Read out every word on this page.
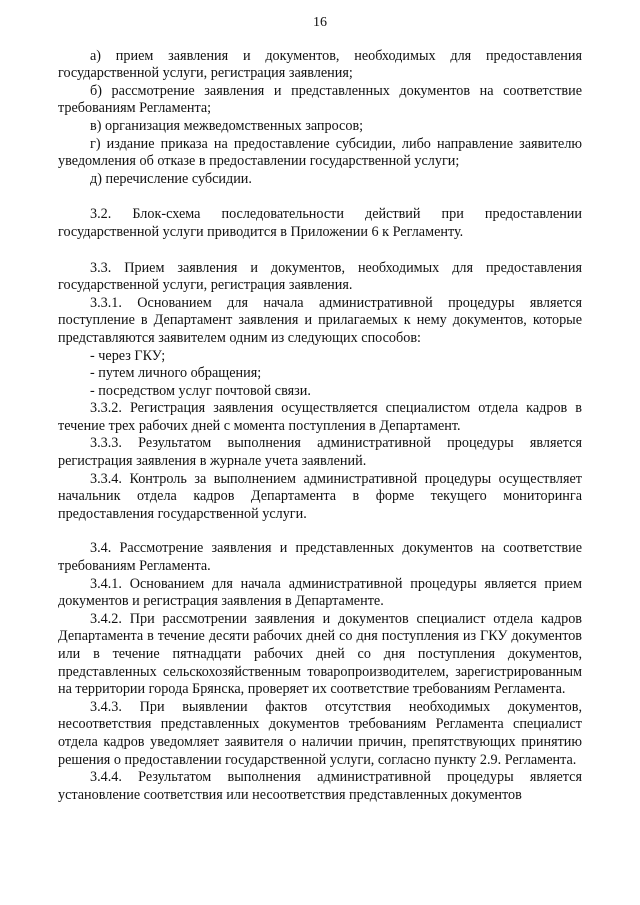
16

а) прием заявления и документов, необходимых для предоставления государственной услуги, регистрация заявления;

б) рассмотрение заявления и представленных документов на соответствие требованиям Регламента;

в) организация межведомственных запросов;

г) издание приказа на предоставление субсидии, либо направление заявителю уведомления об отказе в предоставлении государственной услуги;

д) перечисление субсидии.

3.2. Блок-схема последовательности действий при предоставлении государственной услуги приводится в Приложении 6 к Регламенту.

3.3. Прием заявления и документов, необходимых для предоставления государственной услуги, регистрация заявления.

3.3.1. Основанием для начала административной процедуры является поступление в Департамент заявления и прилагаемых к нему документов, которые представляются заявителем одним из следующих способов:

- через ГКУ;

- путем личного обращения;

- посредством услуг почтовой связи.

3.3.2. Регистрация заявления осуществляется специалистом отдела кадров в течение трех рабочих дней с момента поступления в Департамент.

3.3.3. Результатом выполнения административной процедуры является регистрация заявления в журнале учета заявлений.

3.3.4. Контроль за выполнением административной процедуры осуществляет начальник отдела кадров Департамента в форме текущего мониторинга предоставления государственной услуги.

3.4. Рассмотрение заявления и представленных документов на соответствие требованиям Регламента.

3.4.1. Основанием для начала административной процедуры является прием документов и регистрация заявления в Департаменте.

3.4.2. При рассмотрении заявления и документов специалист отдела кадров Департамента в течение десяти рабочих дней со дня поступления из ГКУ документов или в течение пятнадцати рабочих дней со дня поступления документов, представленных сельскохозяйственным товаропроизводителем, зарегистрированным на территории города Брянска, проверяет их соответствие требованиям Регламента.

3.4.3. При выявлении фактов отсутствия необходимых документов, несоответствия представленных документов требованиям Регламента специалист отдела кадров уведомляет заявителя о наличии причин, препятствующих принятию решения о предоставлении государственной услуги, согласно пункту 2.9. Регламента.

3.4.4. Результатом выполнения административной процедуры является установление соответствия или несоответствия представленных документов
